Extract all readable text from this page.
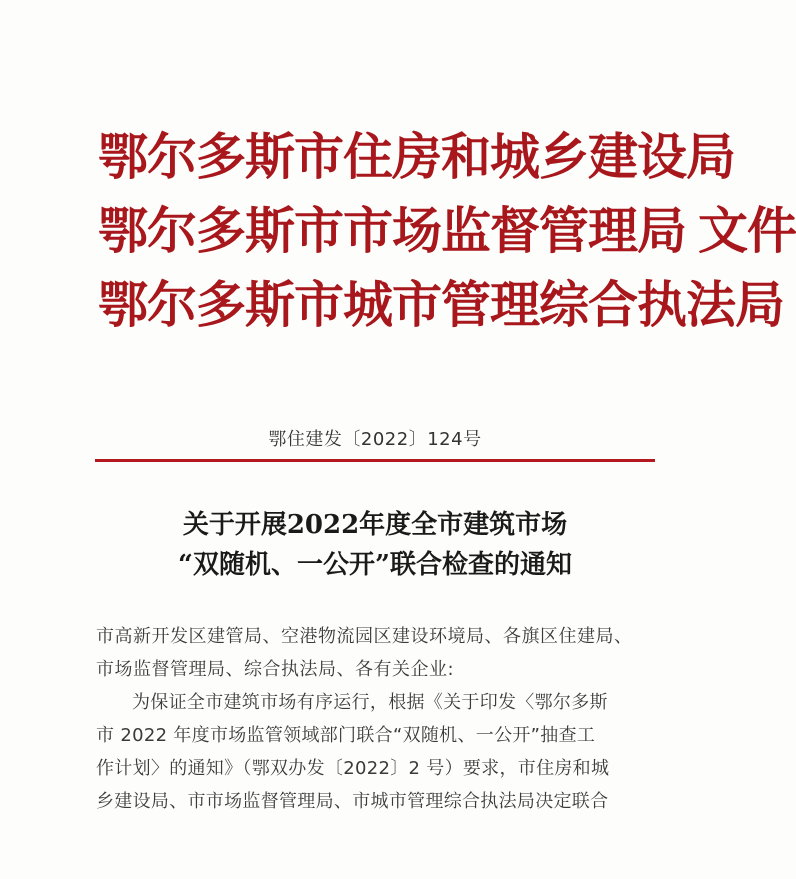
鄂尔多斯市住房和城乡建设局
鄂尔多斯市市场监督管理局 文件
鄂尔多斯市城市管理综合执法局
鄂住建发〔2022〕124号
关于开展2022年度全市建筑市场
“双随机、一公开”联合检查的通知
市高新开发区建管局、空港物流园区建设环境局、各旗区住建局、
市场监督管理局、综合执法局、各有关企业:
为保证全市建筑市场有序运行，根据《关于印发〈鄂尔多斯
市 2022 年度市场监管领域部门联合“双随机、一公开”抽查工
作计划〉的通知》（鄂双办发〔2022〕2 号）要求，市住房和城
乡建设局、市市场监督管理局、市城市管理综合执法局决定联合
